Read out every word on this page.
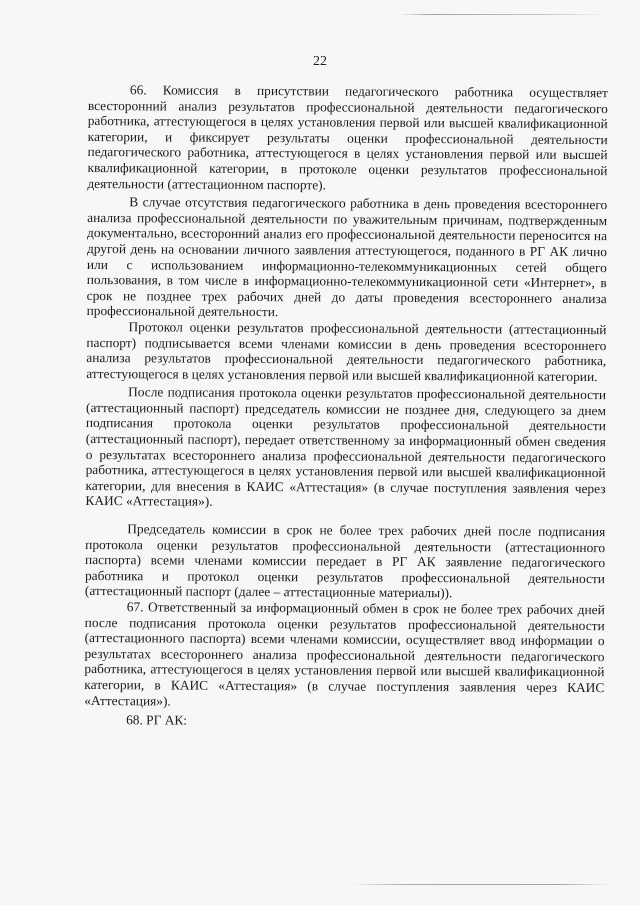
22

66. Комиссия в присутствии педагогического работника осуществляет всесторонний анализ результатов профессиональной деятельности педагогического работника, аттестующегося в целях установления первой или высшей квалификационной категории, и фиксирует результаты оценки профессиональной деятельности педагогического работника, аттестующегося в целях установления первой или высшей квалификационной категории, в протоколе оценки результатов профессиональной деятельности (аттестационном паспорте).

В случае отсутствия педагогического работника в день проведения всестороннего анализа профессиональной деятельности по уважительным причинам, подтвержденным документально, всесторонний анализ его профессиональной деятельности переносится на другой день на основании личного заявления аттестующегося, поданного в РГ АК лично или с использованием информационно-телекоммуникационных сетей общего пользования, в том числе в информационно-телекоммуникационной сети «Интернет», в срок не позднее трех рабочих дней до даты проведения всестороннего анализа профессиональной деятельности.

Протокол оценки результатов профессиональной деятельности (аттестационный паспорт) подписывается всеми членами комиссии в день проведения всестороннего анализа результатов профессиональной деятельности педагогического работника, аттестующегося в целях установления первой или высшей квалификационной категории.

После подписания протокола оценки результатов профессиональной деятельности (аттестационный паспорт) председатель комиссии не позднее дня, следующего за днем подписания протокола оценки результатов профессиональной деятельности (аттестационный паспорт), передает ответственному за информационный обмен сведения о результатах всестороннего анализа профессиональной деятельности педагогического работника, аттестующегося в целях установления первой или высшей квалификационной категории, для внесения в КАИС «Аттестация» (в случае поступления заявления через КАИС «Аттестация»).

Председатель комиссии в срок не более трех рабочих дней после подписания протокола оценки результатов профессиональной деятельности (аттестационного паспорта) всеми членами комиссии передает в РГ АК заявление педагогического работника и протокол оценки результатов профессиональной деятельности (аттестационный паспорт (далее – аттестационные материалы)).

67. Ответственный за информационный обмен в срок не более трех рабочих дней после подписания протокола оценки результатов профессиональной деятельности (аттестационного паспорта) всеми членами комиссии, осуществляет ввод информации о результатах всестороннего анализа профессиональной деятельности педагогического работника, аттестующегося в целях установления первой или высшей квалификационной категории, в КАИС «Аттестация» (в случае поступления заявления через КАИС «Аттестация»).

68. РГ АК:
